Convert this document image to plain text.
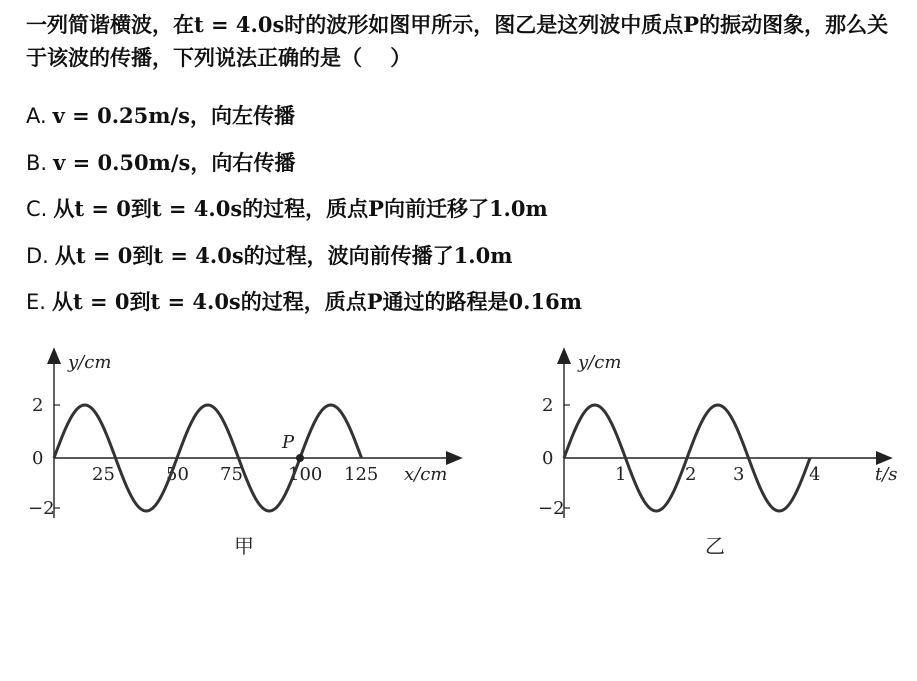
一列简谐横波，在t = 4.0s时的波形如图甲所示，图乙是这列波中质点P的振动图象，那么关于该波的传播，下列说法正确的是（　 ）
A. v = 0.25m/s，向左传播
B. v = 0.50m/s，向右传播
C. 从t = 0到t = 4.0s的过程，质点P向前迁移了1.0m
D. 从t = 0到t = 4.0s的过程，波向前传播了1.0m
E. 从t = 0到t = 4.0s的过程，质点P通过的路程是0.16m
y/cm
x/cm
2
0
−2
25	50 75	100 125
P
甲
y/cm
t/s
2
0
−2
1	2 3	4
乙
